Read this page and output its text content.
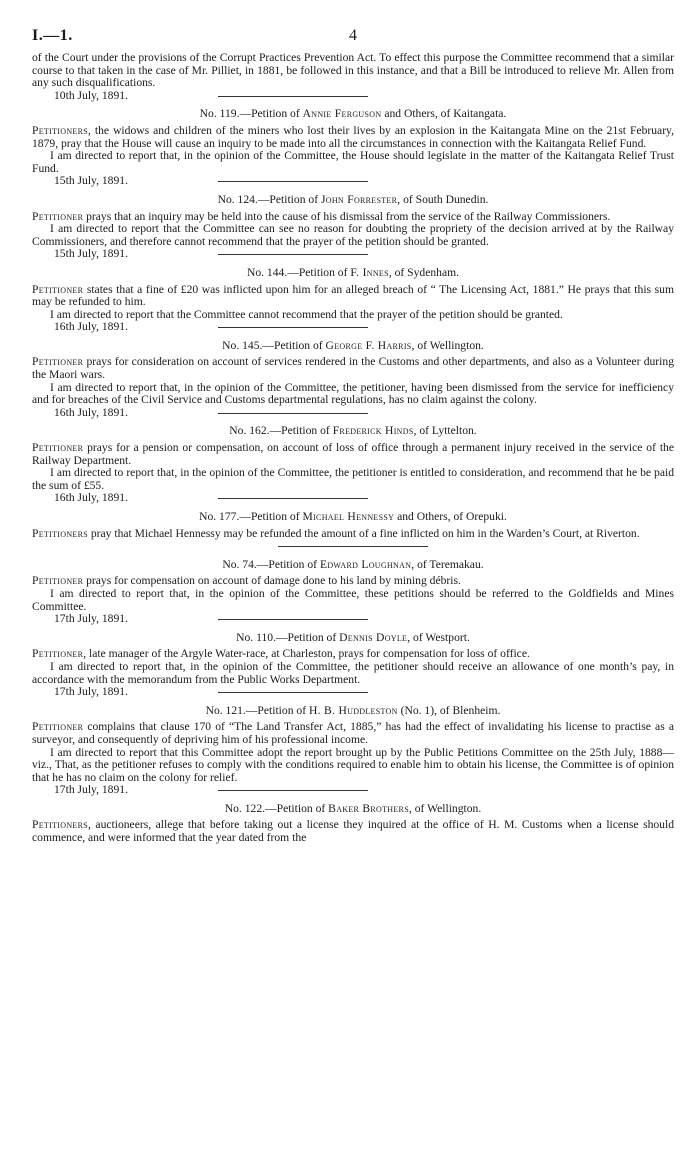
I.—1.	4

of the Court under the provisions of the Corrupt Practices Prevention Act. To effect this purpose the Committee recommend that a similar course to that taken in the case of Mr. Pilliet, in 1881, be followed in this instance, and that a Bill be introduced to relieve Mr. Allen from any such disqualifications.

10th July, 1891.

No. 119.—Petition of Annie Ferguson and Others, of Kaitangata.

Petitioners, the widows and children of the miners who lost their lives by an explosion in the Kaitangata Mine on the 21st February, 1879, pray that the House will cause an inquiry to be made into all the circumstances in connection with the Kaitangata Relief Fund.

I am directed to report that, in the opinion of the Committee, the House should legislate in the matter of the Kaitangata Relief Trust Fund.

15th July, 1891.

No. 124.—Petition of John Forrester, of South Dunedin.

Petitioner prays that an inquiry may be held into the cause of his dismissal from the service of the Railway Commissioners.

I am directed to report that the Committee can see no reason for doubting the propriety of the decision arrived at by the Railway Commissioners, and therefore cannot recommend that the prayer of the petition should be granted.

15th July, 1891.

No. 144.—Petition of F. Innes, of Sydenham.

Petitioner states that a fine of £20 was inflicted upon him for an alleged breach of “ The Licensing Act, 1881.” He prays that this sum may be refunded to him.

I am directed to report that the Committee cannot recommend that the prayer of the petition should be granted.

16th July, 1891.

No. 145.—Petition of George F. Harris, of Wellington.

Petitioner prays for consideration on account of services rendered in the Customs and other departments, and also as a Volunteer during the Maori wars.

I am directed to report that, in the opinion of the Committee, the petitioner, having been dismissed from the service for inefficiency and for breaches of the Civil Service and Customs departmental regulations, has no claim against the colony.

16th July, 1891.

No. 162.—Petition of Frederick Hinds, of Lyttelton.

Petitioner prays for a pension or compensation, on account of loss of office through a permanent injury received in the service of the Railway Department.

I am directed to report that, in the opinion of the Committee, the petitioner is entitled to consideration, and recommend that he be paid the sum of £55.

16th July, 1891.

No. 177.—Petition of Michael Hennessy and Others, of Orepuki.

Petitioners pray that Michael Hennessy may be refunded the amount of a fine inflicted on him in the Warden’s Court, at Riverton.

No. 74.—Petition of Edward Loughnan, of Teremakau.

Petitioner prays for compensation on account of damage done to his land by mining débris.

I am directed to report that, in the opinion of the Committee, these petitions should be referred to the Goldfields and Mines Committee.

17th July, 1891.

No. 110.—Petition of Dennis Doyle, of Westport.

Petitioner, late manager of the Argyle Water-race, at Charleston, prays for compensation for loss of office.

I am directed to report that, in the opinion of the Committee, the petitioner should receive an allowance of one month’s pay, in accordance with the memorandum from the Public Works Department.

17th July, 1891.

No. 121.—Petition of H. B. Huddleston (No. 1), of Blenheim.

Petitioner complains that clause 170 of “The Land Transfer Act, 1885,” has had the effect of invalidating his license to practise as a surveyor, and consequently of depriving him of his professional income.

I am directed to report that this Committee adopt the report brought up by the Public Petitions Committee on the 25th July, 1888—viz., That, as the petitioner refuses to comply with the conditions required to enable him to obtain his license, the Committee is of opinion that he has no claim on the colony for relief.

17th July, 1891.

No. 122.—Petition of Baker Brothers, of Wellington.

Petitioners, auctioneers, allege that before taking out a license they inquired at the office of H. M. Customs when a license should commence, and were informed that the year dated from the
